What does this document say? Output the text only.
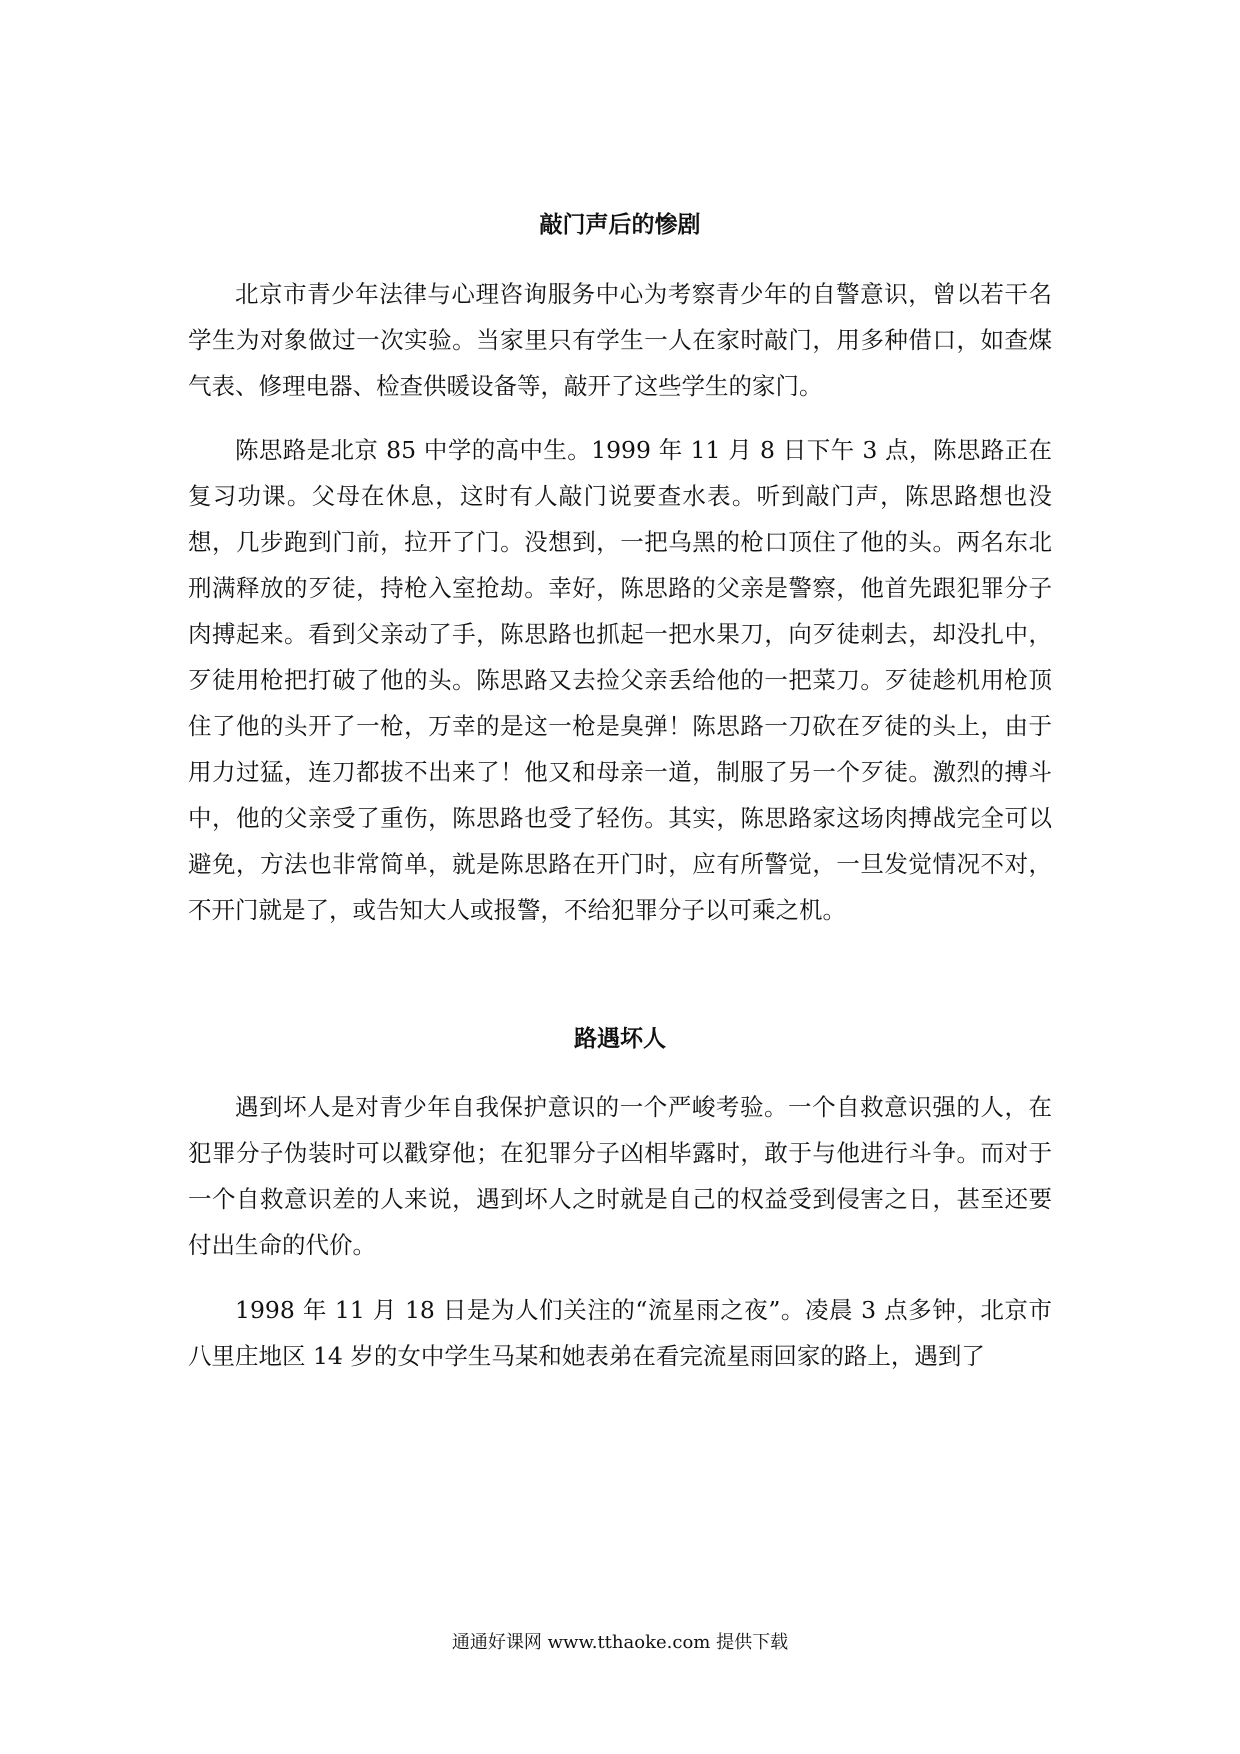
敲门声后的惨剧

北京市青少年法律与心理咨询服务中心为考察青少年的自警意识，曾以若干名学生为对象做过一次实验。当家里只有学生一人在家时敲门，用多种借口，如查煤气表、修理电器、检查供暖设备等，敲开了这些学生的家门。

陈思路是北京 85 中学的高中生。1999 年 11 月 8 日下午 3 点，陈思路正在复习功课。父母在休息，这时有人敲门说要查水表。听到敲门声，陈思路想也没想，几步跑到门前，拉开了门。没想到，一把乌黑的枪口顶住了他的头。两名东北刑满释放的歹徒，持枪入室抢劫。幸好，陈思路的父亲是警察，他首先跟犯罪分子肉搏起来。看到父亲动了手，陈思路也抓起一把水果刀，向歹徒刺去，却没扎中，歹徒用枪把打破了他的头。陈思路又去捡父亲丢给他的一把菜刀。歹徒趁机用枪顶住了他的头开了一枪，万幸的是这一枪是臭弹！陈思路一刀砍在歹徒的头上，由于用力过猛，连刀都拔不出来了！他又和母亲一道，制服了另一个歹徒。激烈的搏斗中，他的父亲受了重伤，陈思路也受了轻伤。其实，陈思路家这场肉搏战完全可以避免，方法也非常简单，就是陈思路在开门时，应有所警觉，一旦发觉情况不对，不开门就是了，或告知大人或报警，不给犯罪分子以可乘之机。

路遇坏人

遇到坏人是对青少年自我保护意识的一个严峻考验。一个自救意识强的人，在犯罪分子伪装时可以戳穿他；在犯罪分子凶相毕露时，敢于与他进行斗争。而对于一个自救意识差的人来说，遇到坏人之时就是自己的权益受到侵害之日，甚至还要付出生命的代价。

1998 年 11 月 18 日是为人们关注的“流星雨之夜”。凌晨 3 点多钟，北京市八里庄地区 14 岁的女中学生马某和她表弟在看完流星雨回家的路上，遇到了

通通好课网 www.tthaoke.com 提供下载
